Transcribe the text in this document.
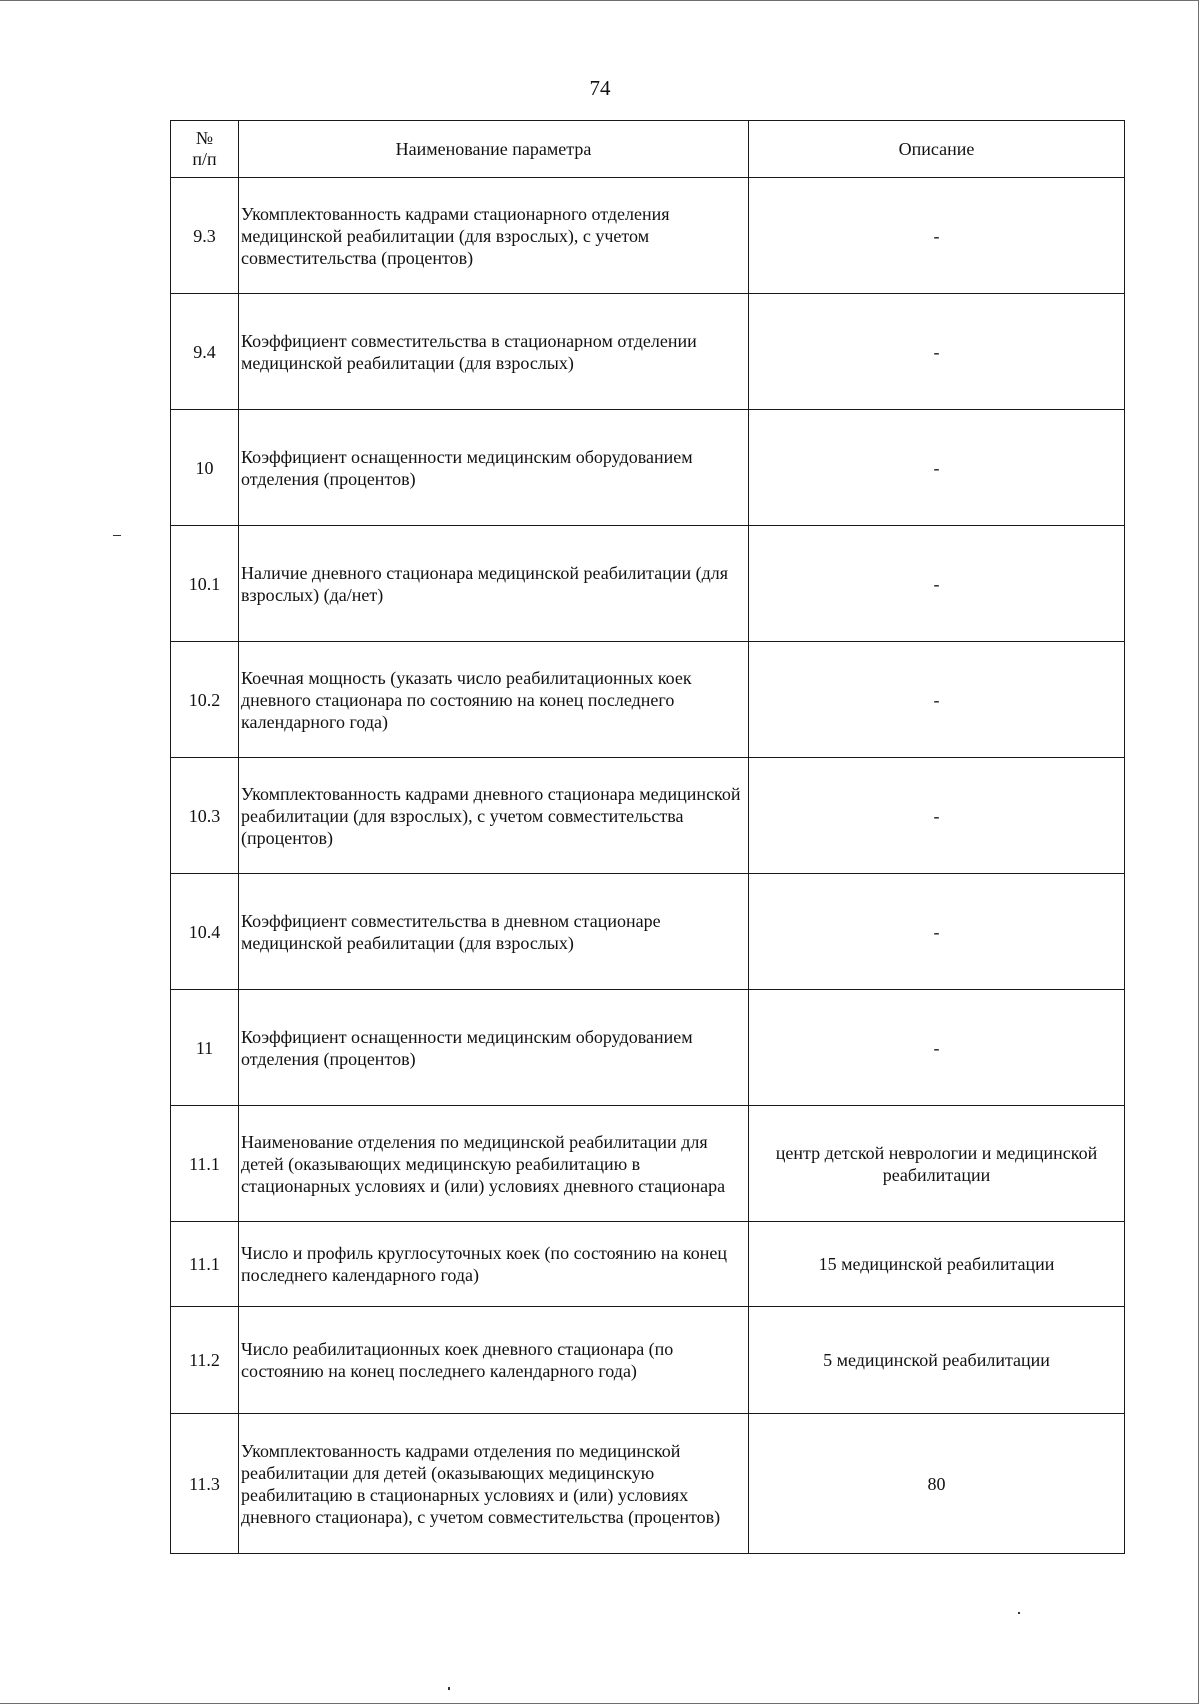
74
№
п/п	Наименование параметра	Описание
9.3	Укомплектованность кадрами стационарного отделения медицинской реабилитации (для взрослых), с учетом совместительства (процентов)	-
9.4	Коэффициент совместительства в стационарном отделении медицинской реабилитации (для взрослых)	-
10	Коэффициент оснащенности медицинским оборудованием отделения (процентов)	-
10.1	Наличие дневного стационара медицинской реабилитации (для взрослых) (да/нет)	-
10.2	Коечная мощность (указать число реабилитационных коек дневного стационара по состоянию на конец последнего календарного года)	-
10.3	Укомплектованность кадрами дневного стационара медицинской реабилитации (для взрослых), с учетом совместительства (процентов)	-
10.4	Коэффициент совместительства в дневном стационаре медицинской реабилитации (для взрослых)	-
11	Коэффициент оснащенности медицинским оборудованием отделения (процентов)	-
11.1	Наименование отделения по медицинской реабилитации для детей (оказывающих медицинскую реабилитацию в стационарных условиях и (или) условиях дневного стационара	центр детской неврологии и медицинской реабилитации
11.1	Число и профиль круглосуточных коек (по состоянию на конец последнего календарного года)	15 медицинской реабилитации
11.2	Число реабилитационных коек дневного стационара (по состоянию на конец последнего календарного года)	5 медицинской реабилитации
11.3	Укомплектованность кадрами отделения по медицинской реабилитации для детей (оказывающих медицинскую реабилитацию в стационарных условиях и (или) условиях дневного стационара), с учетом совместительства (процентов)	80
